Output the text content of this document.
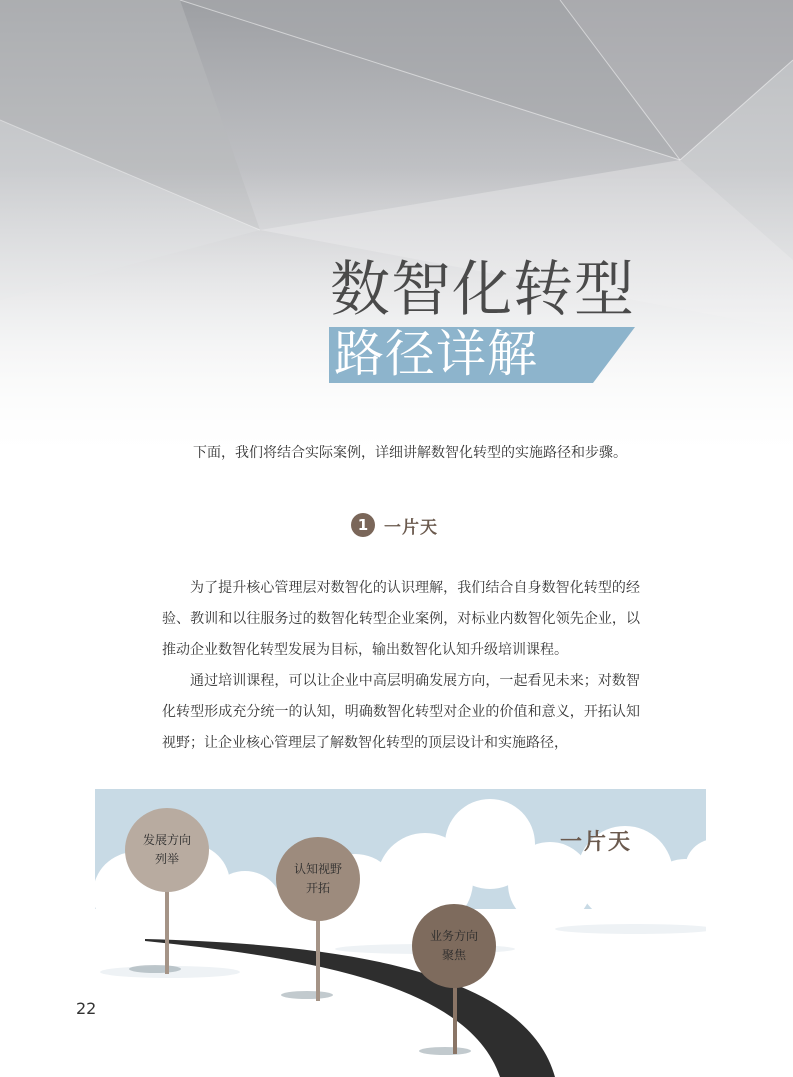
数智化转型
路径详解
下面，我们将结合实际案例，详细讲解数智化转型的实施路径和步骤。
1 一片天

为了提升核心管理层对数智化的认识理解，我们结合自身数智化转型的经验、教训和以往服务过的数智化转型企业案例，对标业内数智化领先企业，以推动企业数智化转型发展为目标，输出数智化认知升级培训课程。

通过培训课程，可以让企业中高层明确发展方向，一起看见未来；对数智化转型形成充分统一的认知，明确数智化转型对企业的价值和意义，开拓认知视野；让企业核心管理层了解数智化转型的顶层设计和实施路径，

一片天
发展方向
列举
认知视野
开拓
业务方向
聚焦
22
